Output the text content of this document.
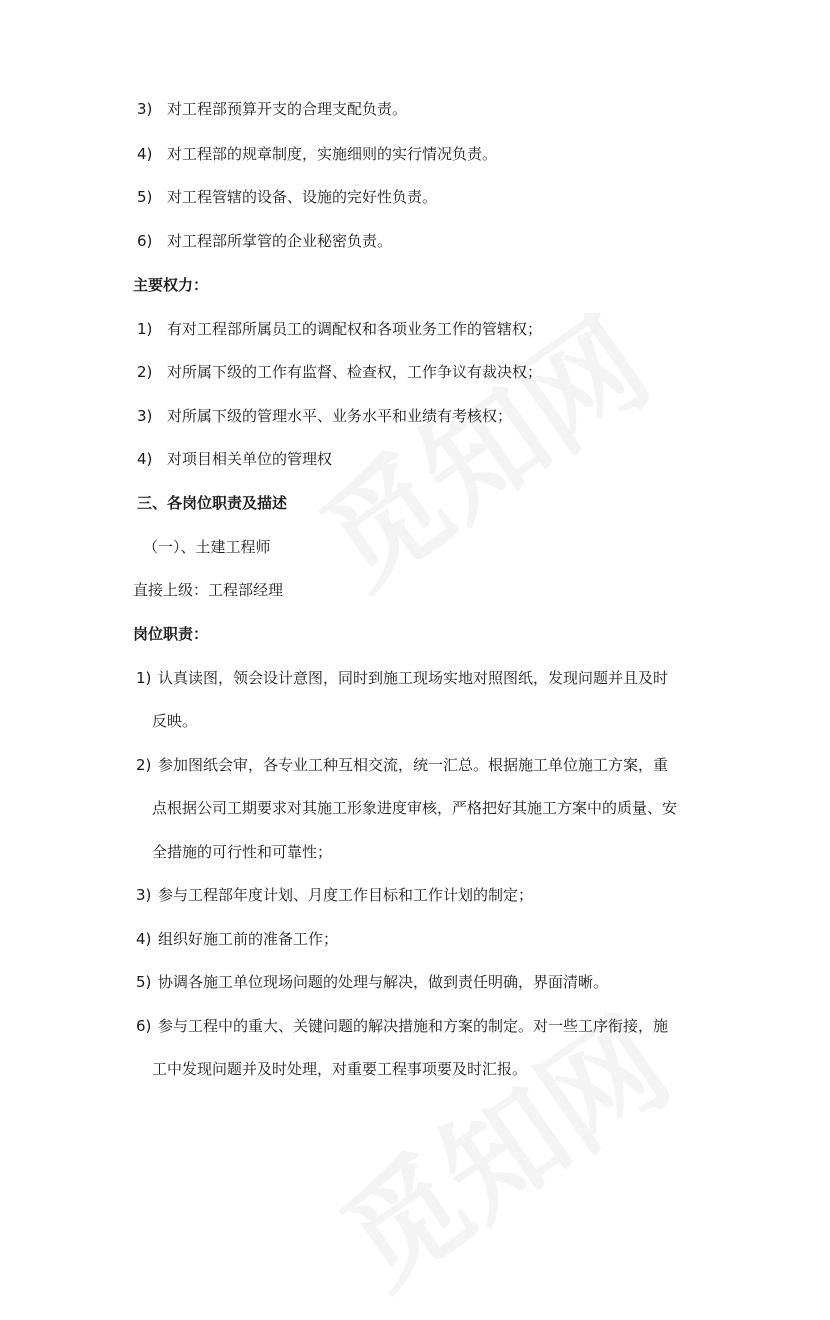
3) 对工程部预算开支的合理支配负责。
4) 对工程部的规章制度，实施细则的实行情况负责。
5) 对工程管辖的设备、设施的完好性负责。
6) 对工程部所掌管的企业秘密负责。
主要权力：
1) 有对工程部所属员工的调配权和各项业务工作的管辖权；
2) 对所属下级的工作有监督、检查权，工作争议有裁决权；
3) 对所属下级的管理水平、业务水平和业绩有考核权；
4) 对项目相关单位的管理权
三、各岗位职责及描述
（一）、土建工程师
直接上级：工程部经理
岗位职责：
1) 认真读图，领会设计意图，同时到施工现场实地对照图纸，发现问题并且及时
反映。
2) 参加图纸会审，各专业工种互相交流，统一汇总。根据施工单位施工方案，重
点根据公司工期要求对其施工形象进度审核，严格把好其施工方案中的质量、安
全措施的可行性和可靠性；
3) 参与工程部年度计划、月度工作目标和工作计划的制定；
4) 组织好施工前的准备工作；
5) 协调各施工单位现场问题的处理与解决，做到责任明确，界面清晰。
6) 参与工程中的重大、关键问题的解决措施和方案的制定。对一些工序衔接，施
工中发现问题并及时处理，对重要工程事项要及时汇报。
